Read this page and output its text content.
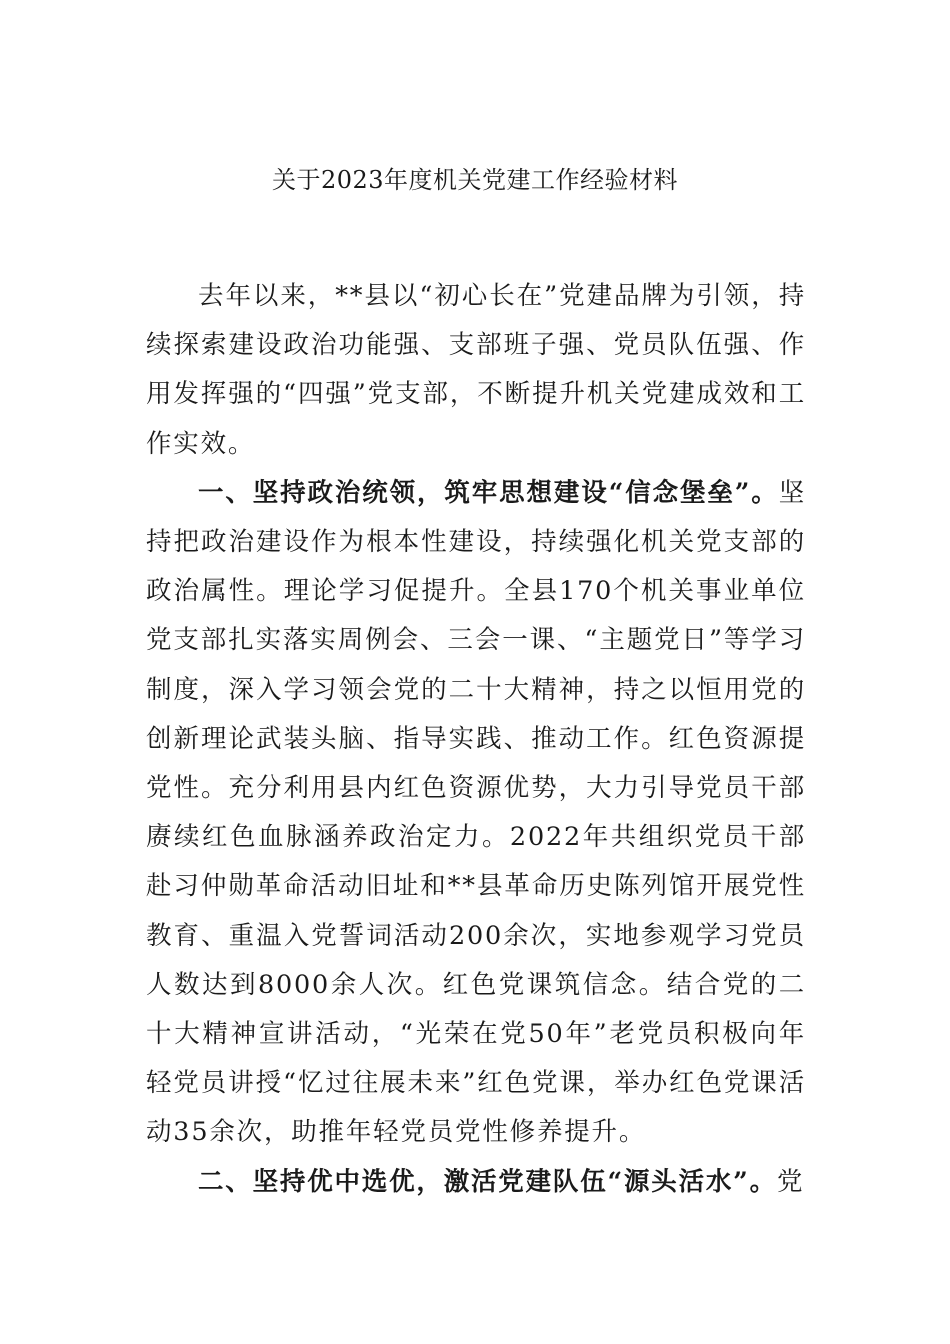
关于2023年度机关党建工作经验材料

去年以来，**县以“初心长在”党建品牌为引领，持续探索建设政治功能强、支部班子强、党员队伍强、作用发挥强的“四强”党支部，不断提升机关党建成效和工作实效。

一、坚持政治统领，筑牢思想建设“信念堡垒”。坚持把政治建设作为根本性建设，持续强化机关党支部的政治属性。理论学习促提升。全县170个机关事业单位党支部扎实落实周例会、三会一课、“主题党日”等学习制度，深入学习领会党的二十大精神，持之以恒用党的创新理论武装头脑、指导实践、推动工作。红色资源提党性。充分利用县内红色资源优势，大力引导党员干部赓续红色血脉涵养政治定力。2022年共组织党员干部赴习仲勋革命活动旧址和**县革命历史陈列馆开展党性教育、重温入党誓词活动200余次，实地参观学习党员人数达到8000余人次。红色党课筑信念。结合党的二十大精神宣讲活动，“光荣在党50年”老党员积极向年轻党员讲授“忆过往展未来”红色党课，举办红色党课活动35余次，助推年轻党员党性修养提升。

二、坚持优中选优，激活党建队伍“源头活水”。党
